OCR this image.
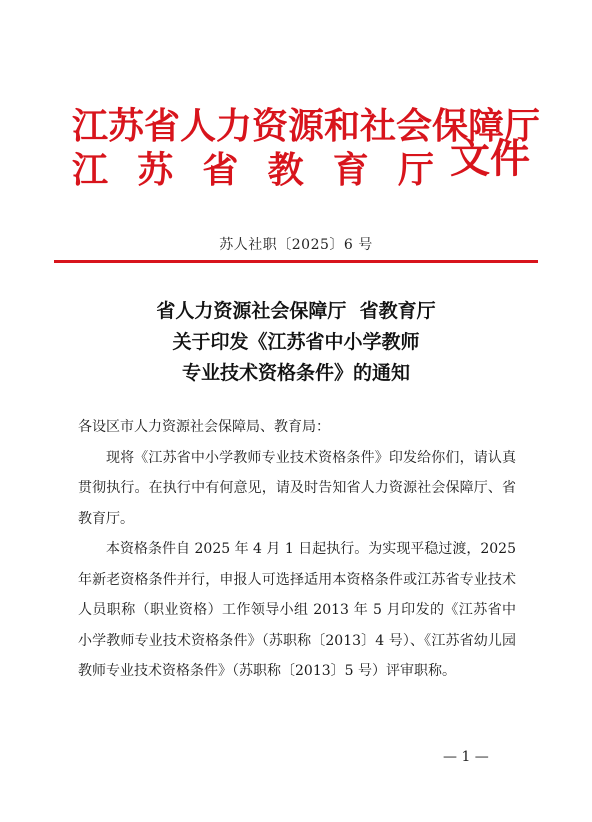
江苏省人力资源和社会保障厅
江 苏 省 教 育 厅 文件
苏人社职〔2025〕6 号
省人力资源社会保障厅  省教育厅
关于印发《江苏省中小学教师
专业技术资格条件》的通知

各设区市人力资源社会保障局、教育局：

现将《江苏省中小学教师专业技术资格条件》印发给你们，请认真贯彻执行。在执行中有何意见，请及时告知省人力资源社会保障厅、省教育厅。

本资格条件自 2025 年 4 月 1 日起执行。为实现平稳过渡，2025 年新老资格条件并行，申报人可选择适用本资格条件或江苏省专业技术人员职称（职业资格）工作领导小组 2013 年 5 月印发的《江苏省中小学教师专业技术资格条件》（苏职称〔2013〕4 号）、《江苏省幼儿园教师专业技术资格条件》（苏职称〔2013〕5 号）评审职称。

— 1 —
